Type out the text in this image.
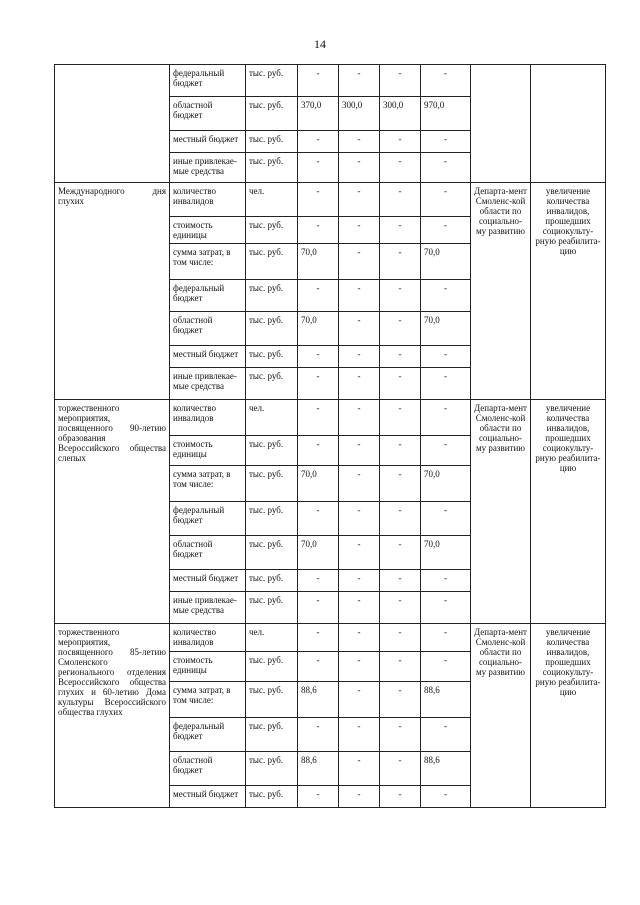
14
	федеральный бюджет	тыс. руб.	-	-	-	-		
	областной бюджет	тыс. руб.	370,0	300,0	300,0	970,0		
	местный бюджет	тыс. руб.	-	-	-	-		
	иные привлекае-мые средства	тыс. руб.	-	-	-	-		
Международного дня глухих	количество инвалидов	чел.	-	-	-	-	Департа-мент Смоленс-кой области по социально-му развитию	увеличение количества инвалидов, прошедших социокульту-рную реабилита-цию
	стоимость единицы	тыс. руб.	-	-	-	-		
	сумма затрат, в том числе:	тыс. руб.	70,0	-	-	70,0		
	федеральный бюджет	тыс. руб.	-	-	-	-		
	областной бюджет	тыс. руб.	70,0	-	-	70,0		
	местный бюджет	тыс. руб.	-	-	-	-		
	иные привлекае-мые средства	тыс. руб.	-	-	-	-		
торжественного мероприятия, посвященного 90-летию образования Всероссийского общества слепых	количество инвалидов	чел.	-	-	-	-	Департа-мент Смоленс-кой области по социально-му развитию	увеличение количества инвалидов, прошедших социокульту-рную реабилита-цию
	стоимость единицы	тыс. руб.	-	-	-	-		
	сумма затрат, в том числе:	тыс. руб.	70,0	-	-	70,0		
	федеральный бюджет	тыс. руб.	-	-	-	-		
	областной бюджет	тыс. руб.	70,0	-	-	70,0		
	местный бюджет	тыс. руб.	-	-	-	-		
	иные привлекае-мые средства	тыс. руб.	-	-	-	-		
торжественного мероприятия, посвященного 85-летию Смоленского регионального отделения Всероссийского общества глухих и 60-летию Дома культуры Всероссийского общества глухих	количество инвалидов	чел.	-	-	-	-	Департа-мент Смоленс-кой области по социально-му развитию	увеличение количества инвалидов, прошедших социокульту-рную реабилита-цию
	стоимость единицы	тыс. руб.	-	-	-	-		
	сумма затрат, в том числе:	тыс. руб.	88,6	-	-	88,6		
	федеральный бюджет	тыс. руб.	-	-	-	-		
	областной бюджет	тыс. руб.	88,6	-	-	88,6		
	местный бюджет	тыс. руб.	-	-	-	-		
